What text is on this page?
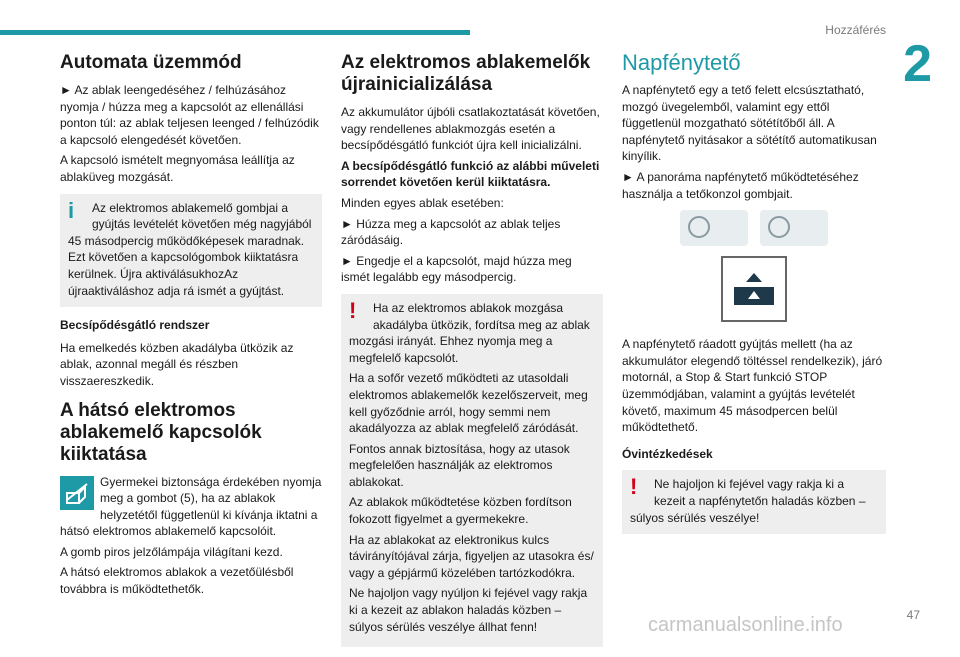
Hozzáférés
2
Automata üzemmód

► Az ablak leengedéséhez / felhúzásához nyomja / húzza meg a kapcsolót az ellenállási ponton túl: az ablak teljesen leenged / felhúzódik a kapcsoló elengedését követően.

A kapcsoló ismételt megnyomása leállítja az ablaküveg mozgását.

i	Az elektromos ablakemelő gombjai a gyújtás levételét követően még nagyjából 45 másodpercig működőképesek maradnak. Ezt követően a kapcsológombok kiiktatásra kerülnek. Újra aktiválásukhozAz újraaktiváláshoz adja rá ismét a gyújtást.
Becsípődésgátló rendszer

Ha emelkedés közben akadályba ütközik az ablak, azonnal megáll és részben visszaereszkedik.

A hátsó elektromos ablakemelő kapcsolók kiiktatása

Gyermekei biztonsága érdekében nyomja meg a gombot (5), ha az ablakok helyzetétől függetlenül ki kívánja iktatni a hátsó elektromos ablakemelő kapcsolóit.

A gomb piros jelzőlámpája világítani kezd.

A hátsó elektromos ablakok a vezetőülésből továbbra is működtethetők.

Az elektromos ablakemelők újrainicializálása

Az akkumulátor újbóli csatlakoztatását követően, vagy rendellenes ablakmozgás esetén a becsípődésgátló funkciót újra kell inicializálni.

A becsípődésgátló funkció az alábbi műveleti sorrendet követően kerül kiiktatásra.

Minden egyes ablak esetében:

► Húzza meg a kapcsolót az ablak teljes záródásáig.

► Engedje el a kapcsolót, majd húzza meg ismét legalább egy másodpercig.

!	Ha az elektromos ablakok mozgása akadályba ütközik, fordítsa meg az ablak mozgási irányát. Ehhez nyomja meg a megfelelő kapcsolót.

Ha a sofőr vezető működteti az utasoldali elektromos ablakemelők kezelőszerveit, meg kell győződnie arról, hogy semmi nem akadályozza az ablak megfelelő záródását.

Fontos annak biztosítása, hogy az utasok megfelelően használják az elektromos ablakokat.

Az ablakok működtetése közben fordítson fokozott figyelmet a gyermekekre.

Ha az ablakokat az elektronikus kulcs távirányítójával zárja, figyeljen az utasokra és/ vagy a gépjármű közelében tartózkodókra.

Ne hajoljon vagy nyúljon ki fejével vagy rakja ki a kezeit az ablakon haladás közben – súlyos sérülés veszélye állhat fenn!

Napfénytető

A napfénytető egy a tető felett elcsúsztatható, mozgó üvegelemből, valamint egy ettől függetlenül mozgatható sötétítőből áll. A napfénytető nyitásakor a sötétítő automatikusan kinyílik.

► A panoráma napfénytető működtetéséhez használja a tetőkonzol gombjait.

A napfénytető ráadott gyújtás mellett (ha az akkumulátor elegendő töltéssel rendelkezik), járó motornál, a Stop & Start funkció STOP üzemmódjában, valamint a gyújtás levételét követő, maximum 45 másodpercen belül működtethető.

Óvintézkedések
!	Ne hajoljon ki fejével vagy rakja ki a kezeit a napfénytetőn haladás közben – súlyos sérülés veszélye!
carmanualsonline.info	47
